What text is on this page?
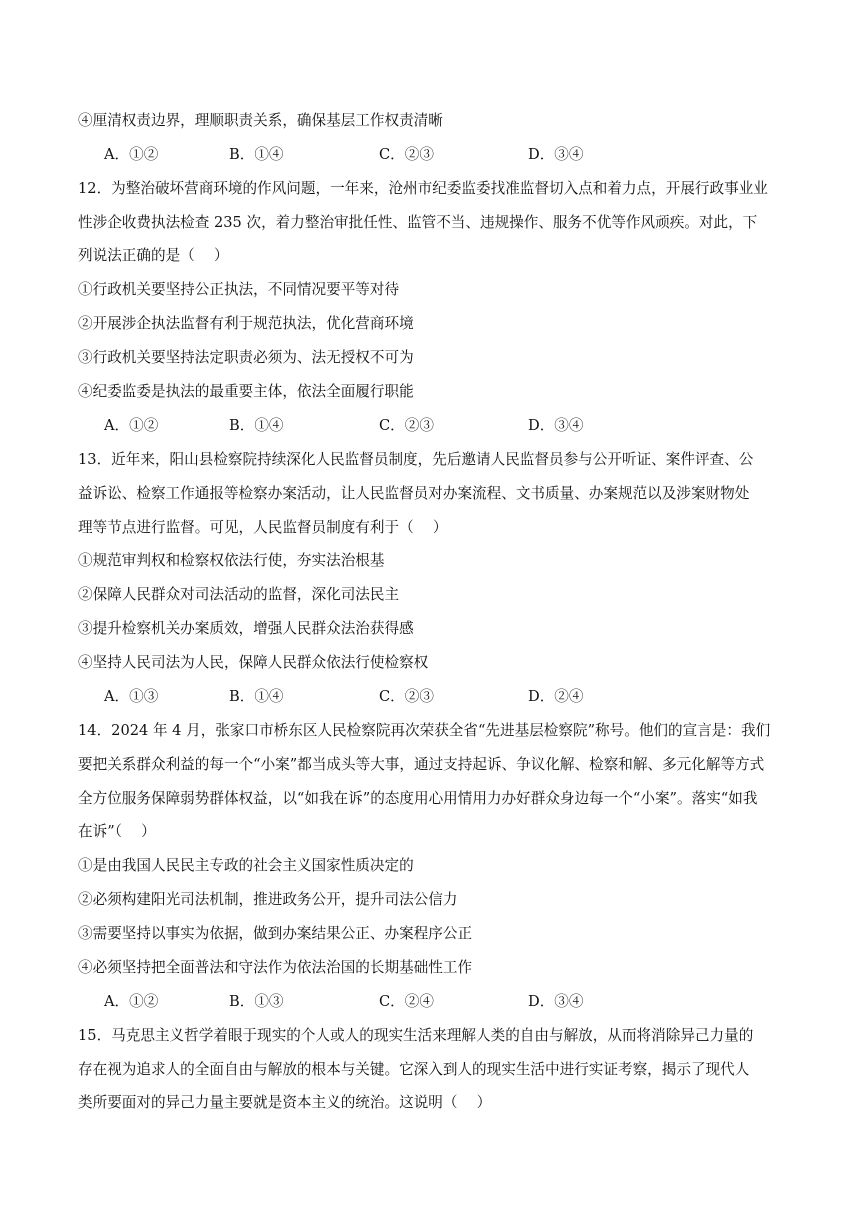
④厘清权责边界，理顺职责关系，确保基层工作权责清晰
A．①②	B．①④	C．②③	D．③④
12．为整治破坏营商环境的作风问题，一年来，沧州市纪委监委找准监督切入点和着力点，开展行政事业业
性涉企收费执法检查 235 次，着力整治审批任性、监管不当、违规操作、服务不优等作风顽疾。对此，下
列说法正确的是（　 ）
①行政机关要坚持公正执法，不同情况要平等对待
②开展涉企执法监督有利于规范执法，优化营商环境
③行政机关要坚持法定职责必须为、法无授权不可为
④纪委监委是执法的最重要主体，依法全面履行职能
A．①②	B．①④	C．②③	D．③④
13．近年来，阳山县检察院持续深化人民监督员制度，先后邀请人民监督员参与公开听证、案件评查、公
益诉讼、检察工作通报等检察办案活动，让人民监督员对办案流程、文书质量、办案规范以及涉案财物处
理等节点进行监督。可见，人民监督员制度有利于（　 ）
①规范审判权和检察权依法行使，夯实法治根基
②保障人民群众对司法活动的监督，深化司法民主
③提升检察机关办案质效，增强人民群众法治获得感
④坚持人民司法为人民，保障人民群众依法行使检察权
A．①③	B．①④	C．②③	D．②④
14．2024 年 4 月，张家口市桥东区人民检察院再次荣获全省“先进基层检察院”称号。他们的宣言是：我们
要把关系群众利益的每一个“小案”都当成头等大事，通过支持起诉、争议化解、检察和解、多元化解等方式
全方位服务保障弱势群体权益，以“如我在诉”的态度用心用情用力办好群众身边每一个“小案”。落实“如我
在诉”（　 ）
①是由我国人民民主专政的社会主义国家性质决定的
②必须构建阳光司法机制，推进政务公开，提升司法公信力
③需要坚持以事实为依据，做到办案结果公正、办案程序公正
④必须坚持把全面普法和守法作为依法治国的长期基础性工作
A．①②	B．①③	C．②④	D．③④
15．马克思主义哲学着眼于现实的个人或人的现实生活来理解人类的自由与解放，从而将消除异己力量的
存在视为追求人的全面自由与解放的根本与关键。它深入到人的现实生活中进行实证考察，揭示了现代人
类所要面对的异己力量主要就是资本主义的统治。这说明（　 ）
